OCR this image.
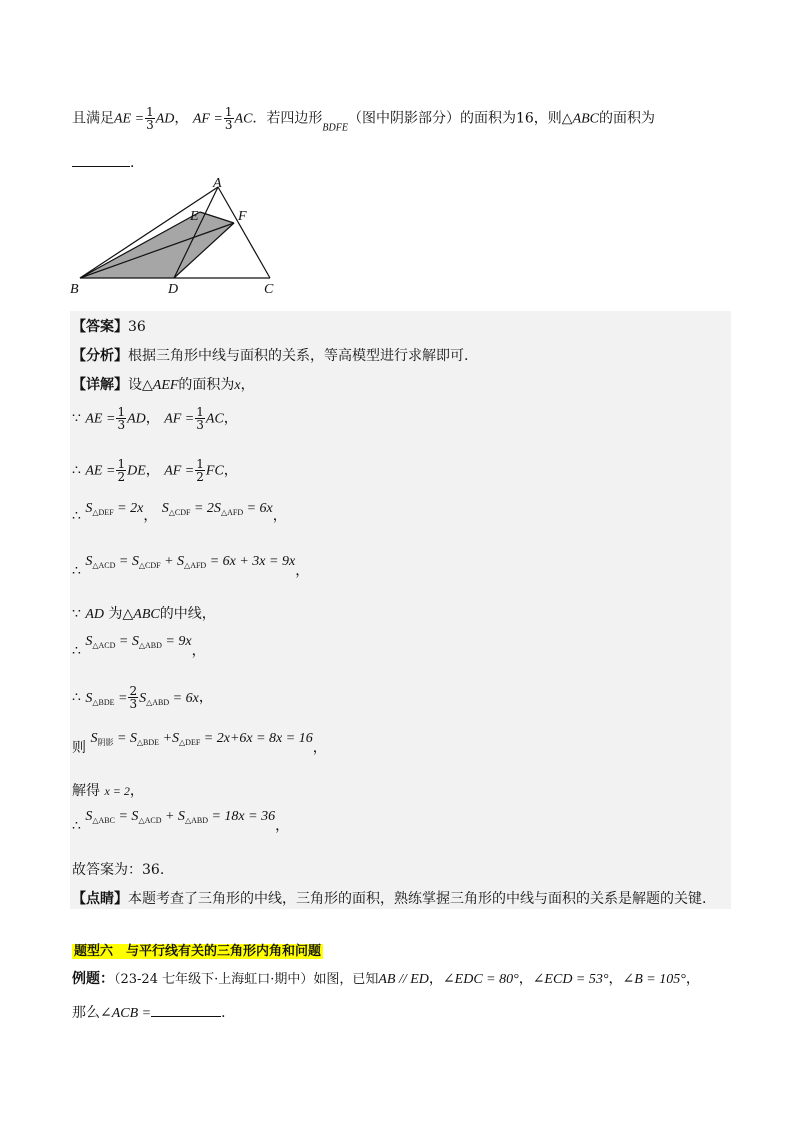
且满足AE = $\frac{1}{3}$ AD， AF = $\frac{1}{3}$ AC．若四边形$_{BDFE}$（图中阴影部分）的面积为16，则△ABC的面积为
．
A
E	F
B	D	C
【答案】36
【分析】根据三角形中线与面积的关系，等高模型进行求解即可.
【详解】设△AEF的面积为x，
∵ AE = $\frac{1}{3}$ AD， AF = $\frac{1}{3}$ AC，
∴ AE = $\frac{1}{2}$ DE， AF = $\frac{1}{2}$ FC，
∴ $S_{\triangle DEF} = 2x$， $S_{\triangle CDF} = 2S_{\triangle AFD} = 6x$，
∴ $S_{\triangle ACD} = S_{\triangle CDF} + S_{\triangle AFD} = 6x + 3x = 9x$，
∵ AD 为△ABC的中线，
∴ $S_{\triangle ACD} = S_{\triangle ABD} = 9x$，
∴ $S_{\triangle BDE} = \frac{2}{3} S_{\triangle ABD} = 6x$，
则 $S_{阴影} = S_{\triangle BDE} +S_{\triangle DEF} = 2x+6x = 8x = 16$，
解得 x = 2，
∴ $S_{\triangle ABC} = S_{\triangle ACD} + S_{\triangle ABD} = 18x = 36$，
故答案为：36.
【点睛】本题考查了三角形的中线，三角形的面积，熟练掌握三角形的中线与面积的关系是解题的关键.
题型六　与平行线有关的三角形内角和问题
例题：（23-24 七年级下·上海虹口·期中）如图，已知AB // ED，∠EDC = 80°，∠ECD = 53°，∠B = 105°，
那么∠ACB =	．
